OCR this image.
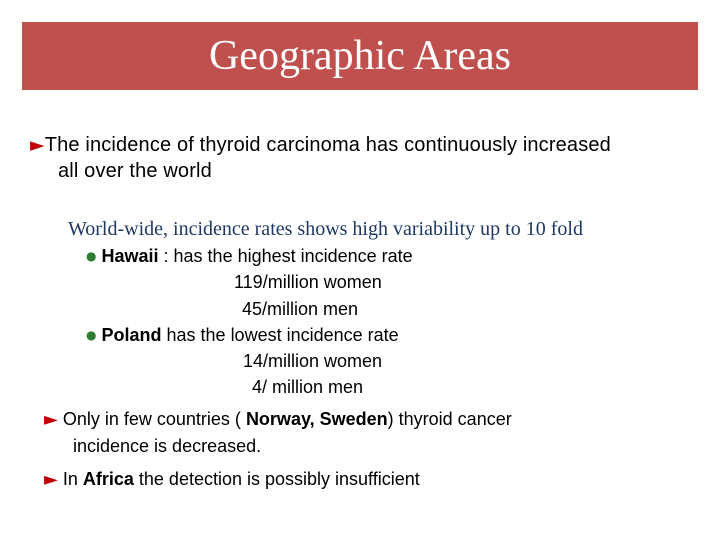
Geographic Areas
►The incidence of thyroid carcinoma has continuously increased
all over the world
World-wide, incidence rates shows high variability up to 10 fold
● Hawaii : has the highest incidence rate
119/million women
45/million men
● Poland has the lowest incidence rate
14/million women
4/ million men
► Only in few countries ( Norway, Sweden) thyroid cancer
incidence is decreased.
► In Africa the detection is possibly insufficient
